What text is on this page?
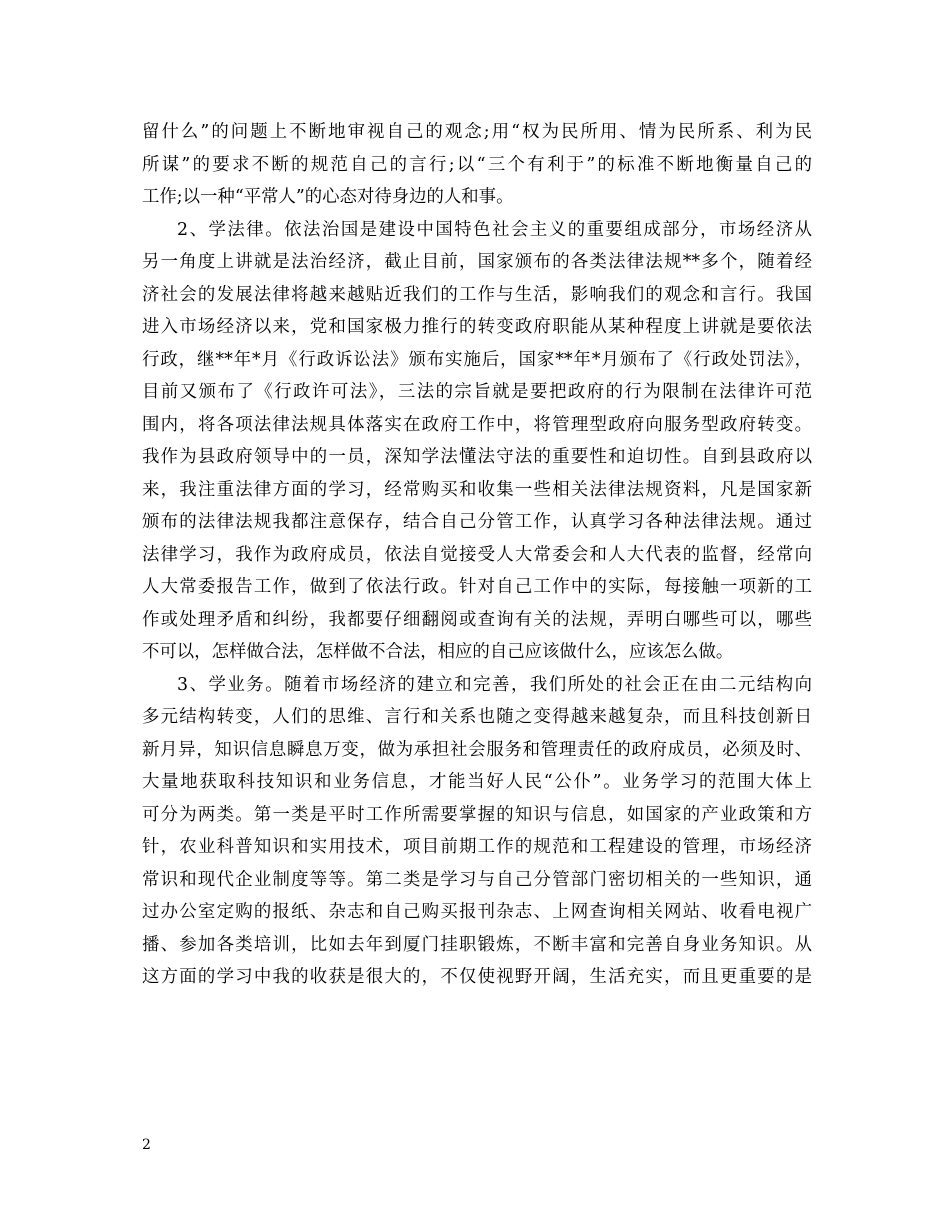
留什么”的问题上不断地审视自己的观念;用“权为民所用、情为民所系、利为民
所谋”的要求不断的规范自己的言行;以“三个有利于”的标准不断地衡量自己的
工作;以一种“平常人”的心态对待身边的人和事。
2、学法律。依法治国是建设中国特色社会主义的重要组成部分，市场经济从
另一角度上讲就是法治经济，截止目前，国家颁布的各类法律法规**多个，随着经
济社会的发展法律将越来越贴近我们的工作与生活，影响我们的观念和言行。我国
进入市场经济以来，党和国家极力推行的转变政府职能从某种程度上讲就是要依法
行政，继**年*月《行政诉讼法》颁布实施后，国家**年*月颁布了《行政处罚法》，
目前又颁布了《行政许可法》，三法的宗旨就是要把政府的行为限制在法律许可范
围内，将各项法律法规具体落实在政府工作中，将管理型政府向服务型政府转变。
我作为县政府领导中的一员，深知学法懂法守法的重要性和迫切性。自到县政府以
来，我注重法律方面的学习，经常购买和收集一些相关法律法规资料，凡是国家新
颁布的法律法规我都注意保存，结合自己分管工作，认真学习各种法律法规。通过
法律学习，我作为政府成员，依法自觉接受人大常委会和人大代表的监督，经常向
人大常委报告工作，做到了依法行政。针对自己工作中的实际，每接触一项新的工
作或处理矛盾和纠纷，我都要仔细翻阅或查询有关的法规，弄明白哪些可以，哪些
不可以，怎样做合法，怎样做不合法，相应的自己应该做什么，应该怎么做。
3、学业务。随着市场经济的建立和完善，我们所处的社会正在由二元结构向
多元结构转变，人们的思维、言行和关系也随之变得越来越复杂，而且科技创新日
新月异，知识信息瞬息万变，做为承担社会服务和管理责任的政府成员，必须及时、
大量地获取科技知识和业务信息，才能当好人民“公仆”。业务学习的范围大体上
可分为两类。第一类是平时工作所需要掌握的知识与信息，如国家的产业政策和方
针，农业科普知识和实用技术，项目前期工作的规范和工程建设的管理，市场经济
常识和现代企业制度等等。第二类是学习与自己分管部门密切相关的一些知识，通
过办公室定购的报纸、杂志和自己购买报刊杂志、上网查询相关网站、收看电视广
播、参加各类培训，比如去年到厦门挂职锻炼，不断丰富和完善自身业务知识。从
这方面的学习中我的收获是很大的，不仅使视野开阔，生活充实，而且更重要的是
2
